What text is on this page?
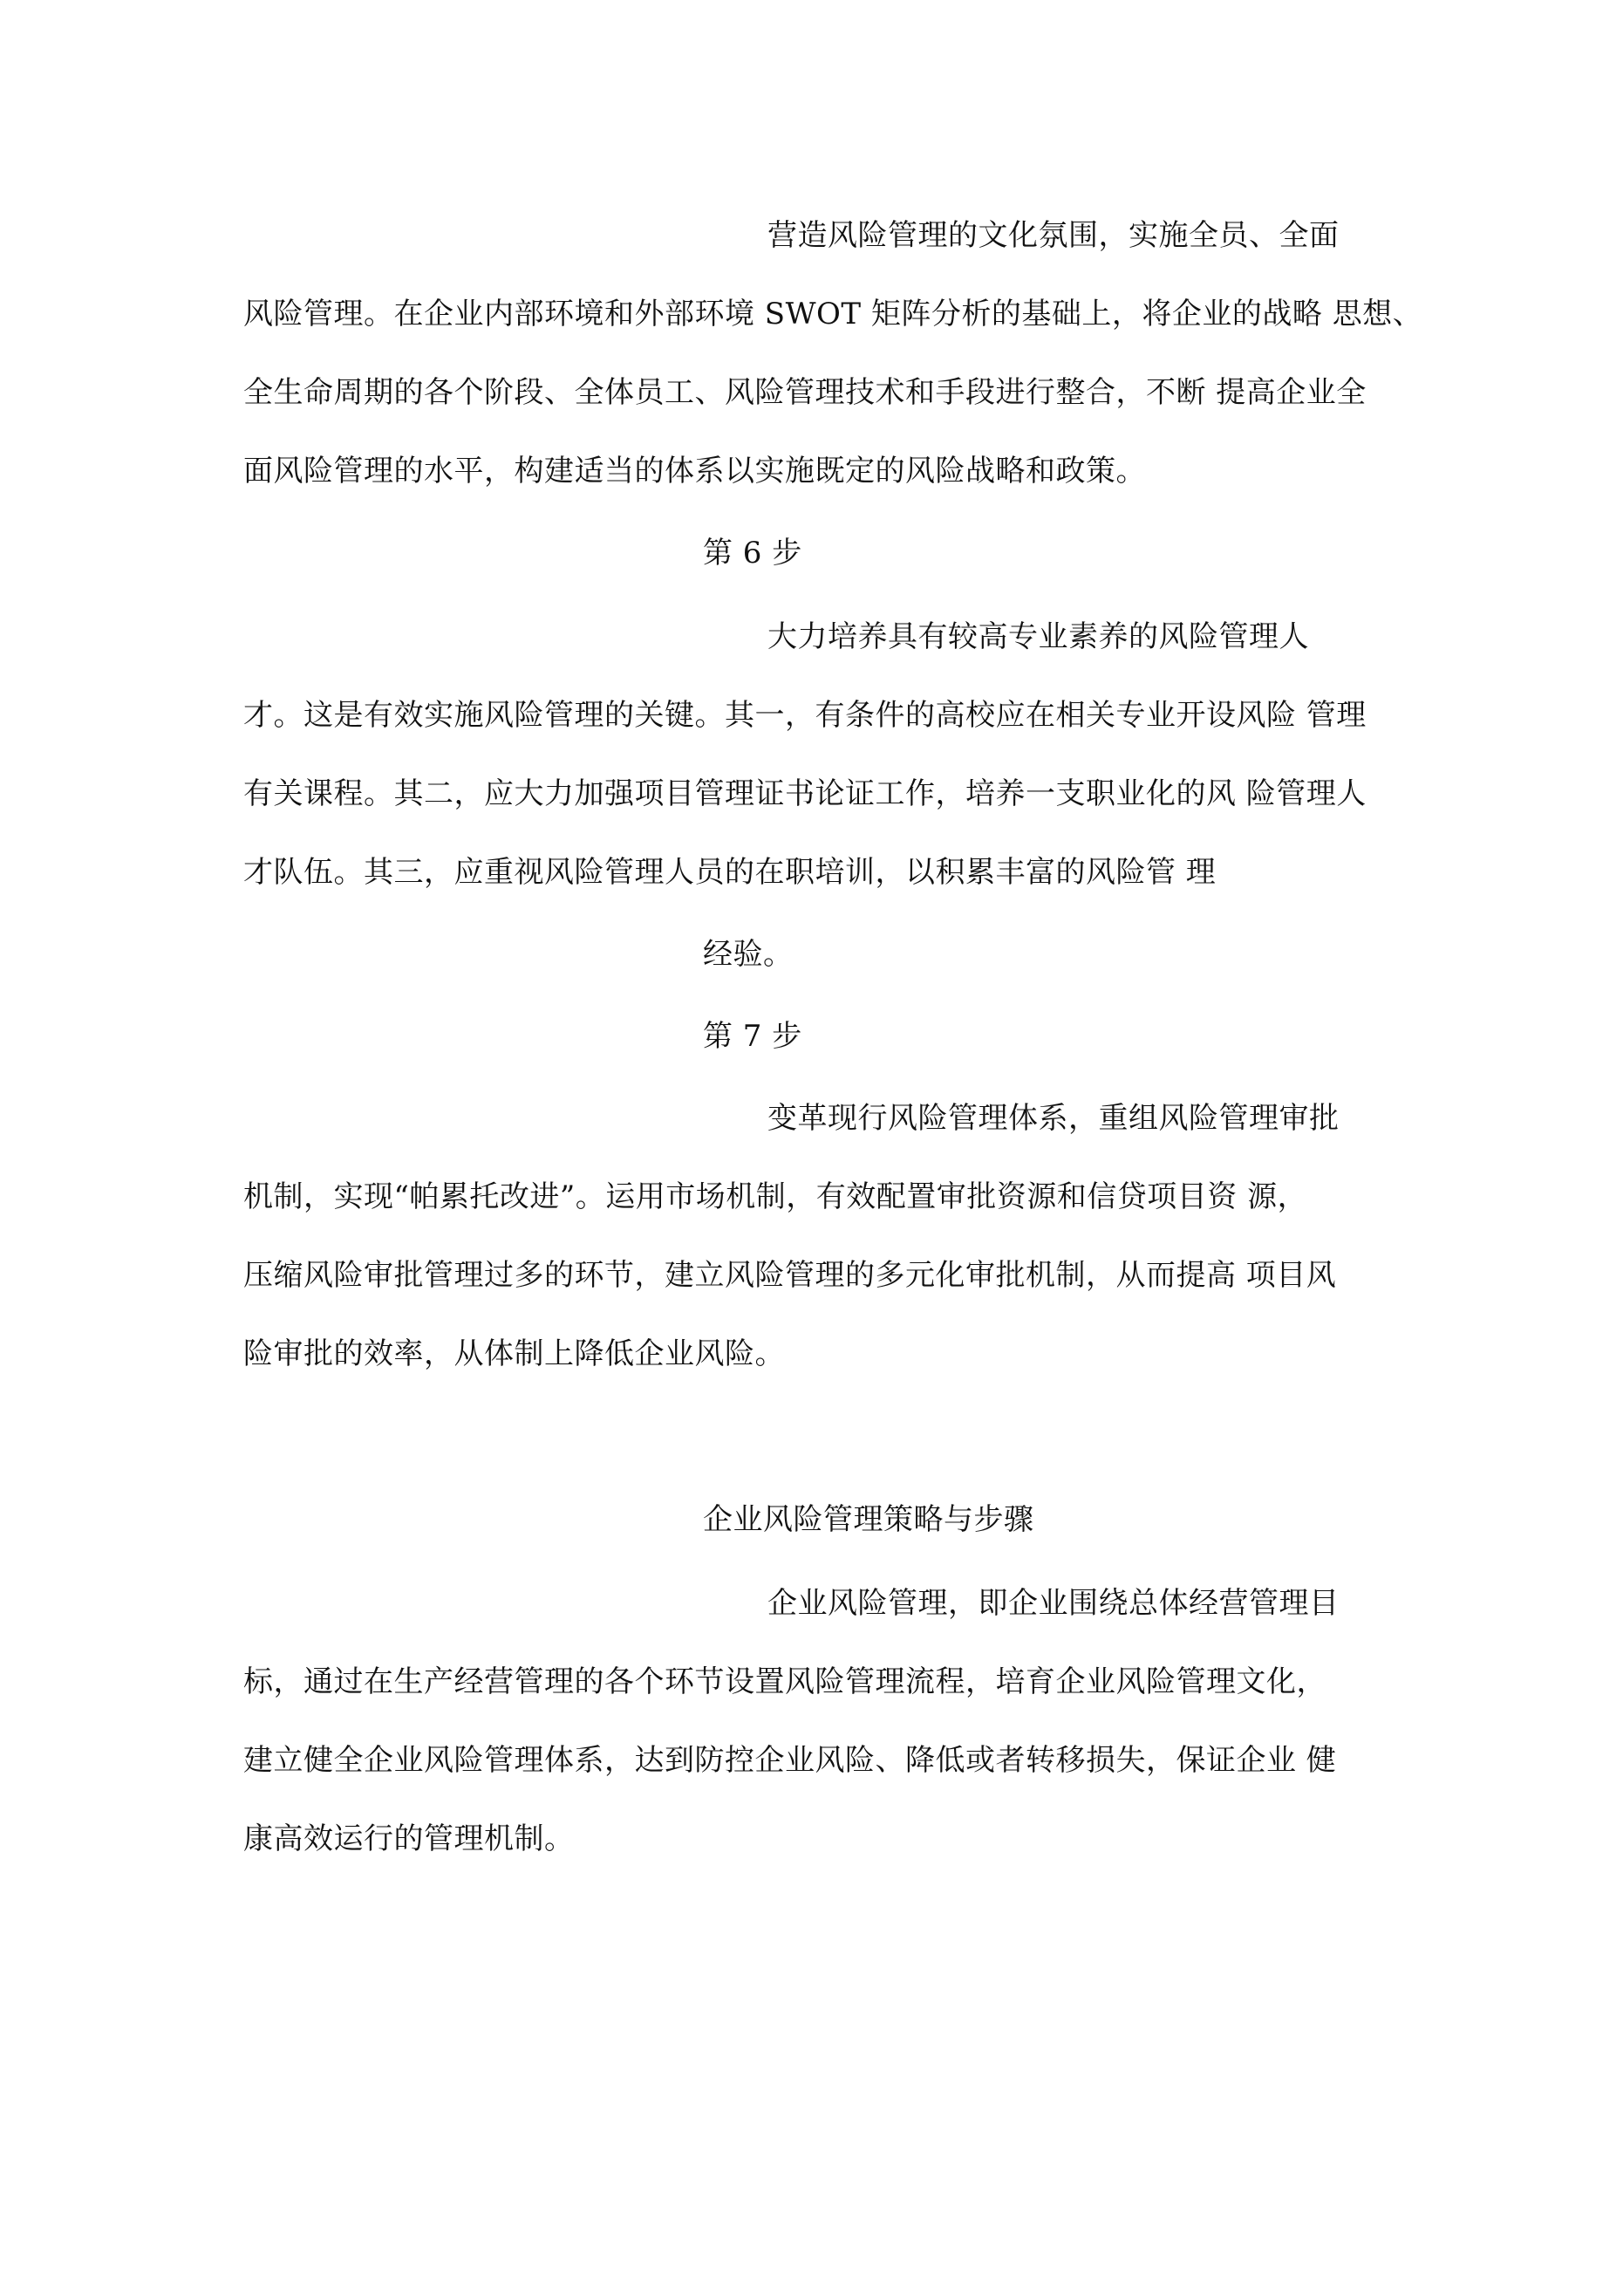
营造风险管理的文化氛围，实施全员、全面
风险管理。在企业内部环境和外部环境 SWOT 矩阵分析的基础上，将企业的战略 思想、
全生命周期的各个阶段、全体员工、风险管理技术和手段进行整合，不断 提高企业全
面风险管理的水平，构建适当的体系以实施既定的风险战略和政策。
第 6 步
大力培养具有较高专业素养的风险管理人
才。这是有效实施风险管理的关键。其一，有条件的高校应在相关专业开设风险 管理
有关课程。其二，应大力加强项目管理证书论证工作，培养一支职业化的风 险管理人
才队伍。其三，应重视风险管理人员的在职培训，以积累丰富的风险管 理
经验。
第 7 步
变革现行风险管理体系，重组风险管理审批
机制，实现“帕累托改进”。运用市场机制，有效配置审批资源和信贷项目资 源，
压缩风险审批管理过多的环节，建立风险管理的多元化审批机制，从而提高 项目风
险审批的效率，从体制上降低企业风险。
企业风险管理策略与步骤
企业风险管理，即企业围绕总体经营管理目
标，通过在生产经营管理的各个环节设置风险管理流程，培育企业风险管理文化，
建立健全企业风险管理体系，达到防控企业风险、降低或者转移损失，保证企业 健
康高效运行的管理机制。
